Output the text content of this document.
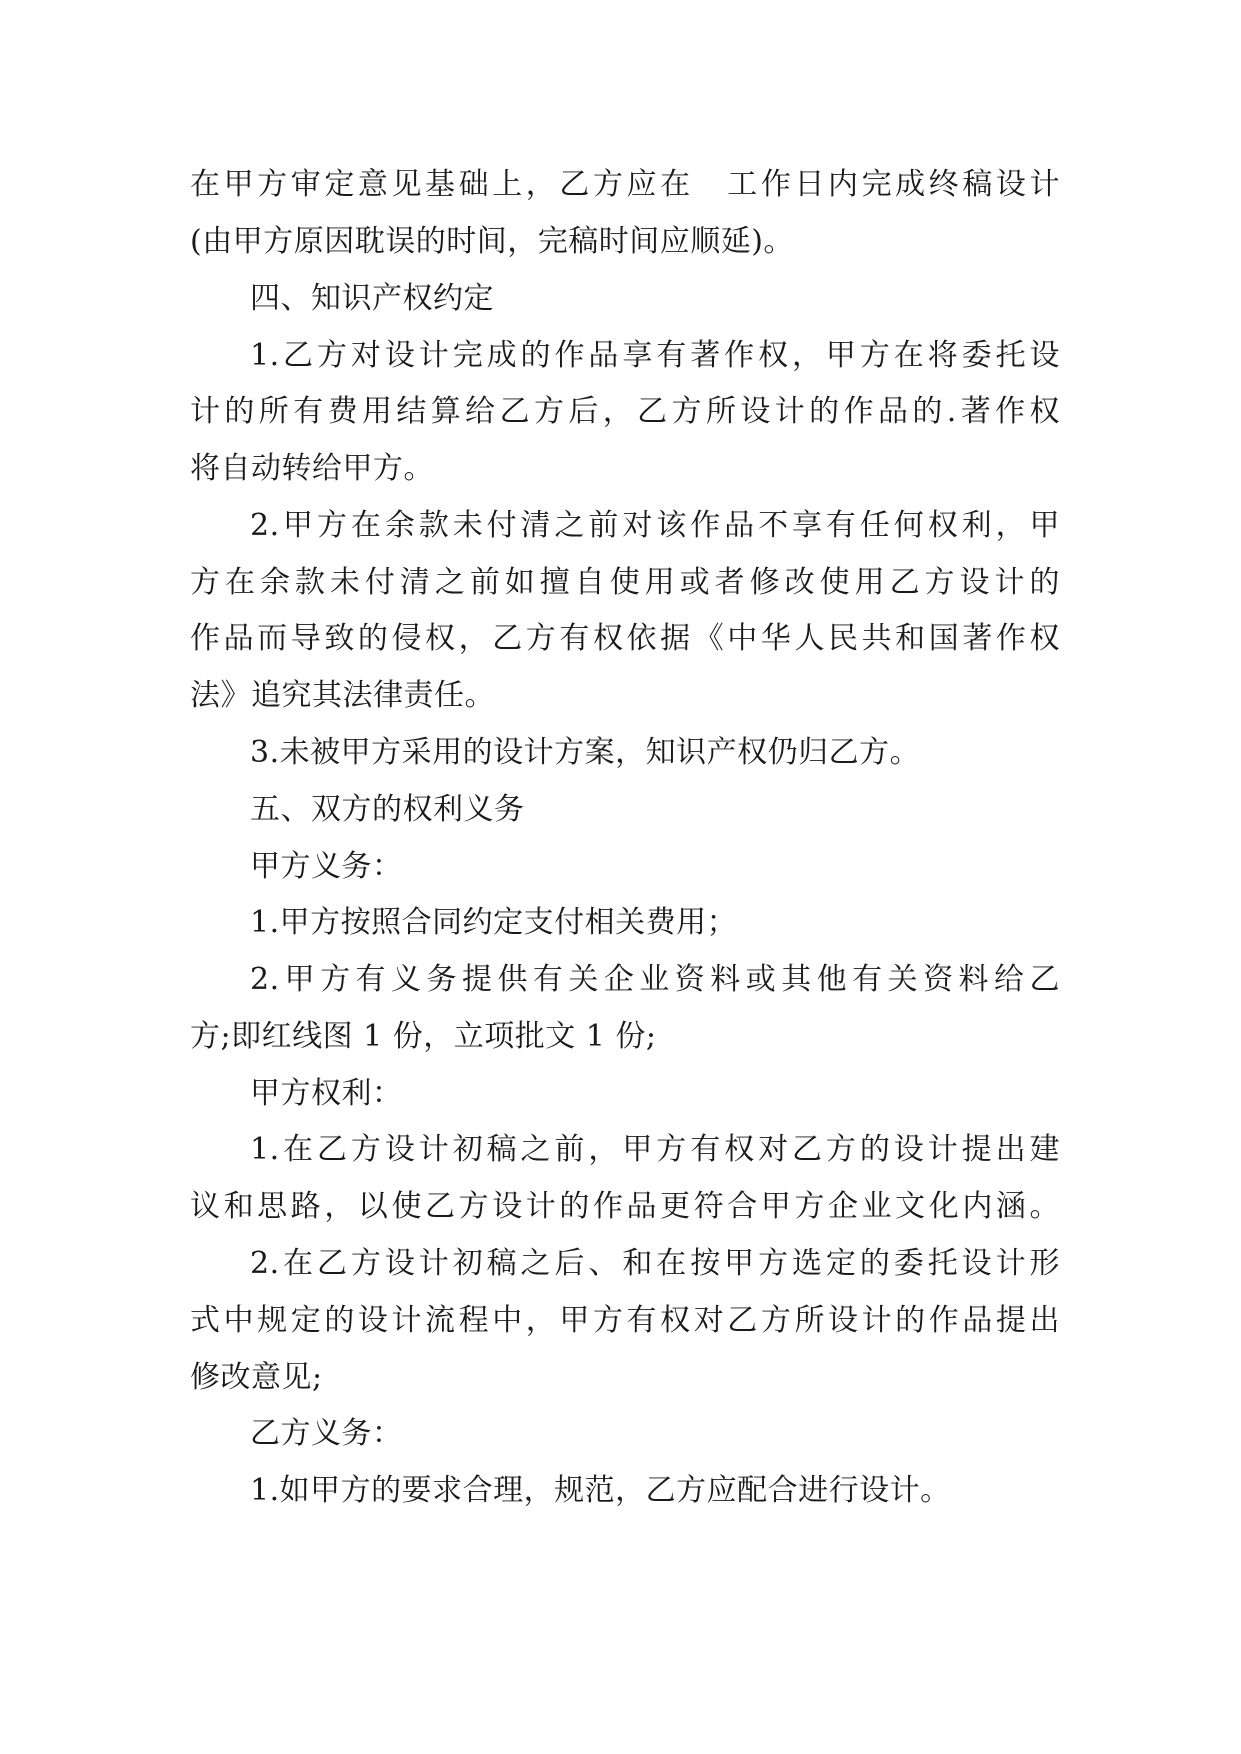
在甲方审定意见基础上，乙方应在　工作日内完成终稿设计
(由甲方原因耽误的时间，完稿时间应顺延)。
四、知识产权约定
1.乙方对设计完成的作品享有著作权，甲方在将委托设
计的所有费用结算给乙方后，乙方所设计的作品的.著作权
将自动转给甲方。
2.甲方在余款未付清之前对该作品不享有任何权利，甲
方在余款未付清之前如擅自使用或者修改使用乙方设计的
作品而导致的侵权，乙方有权依据《中华人民共和国著作权
法》追究其法律责任。
3.未被甲方采用的设计方案，知识产权仍归乙方。
五、双方的权利义务
甲方义务：
1.甲方按照合同约定支付相关费用；
2.甲方有义务提供有关企业资料或其他有关资料给乙
方;即红线图 1 份，立项批文 1 份;
甲方权利：
1.在乙方设计初稿之前，甲方有权对乙方的设计提出建
议和思路，以使乙方设计的作品更符合甲方企业文化内涵。
2.在乙方设计初稿之后、和在按甲方选定的委托设计形
式中规定的设计流程中，甲方有权对乙方所设计的作品提出
修改意见;
乙方义务：
1.如甲方的要求合理，规范，乙方应配合进行设计。
